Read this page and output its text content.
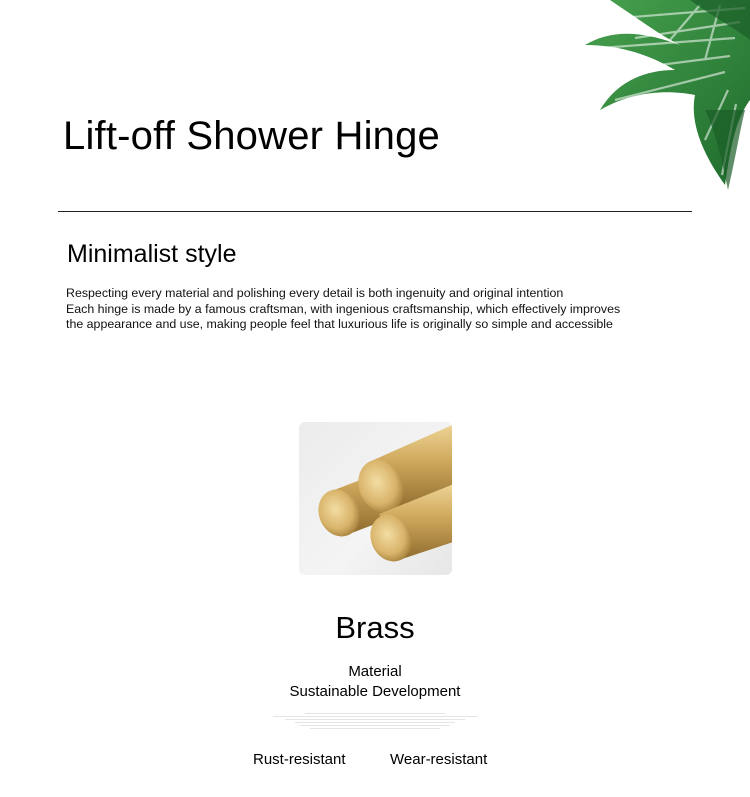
Lift-off Shower Hinge
Minimalist style
Respecting every material and polishing every detail is both ingenuity and original intention
Each hinge is made by a famous craftsman, with ingenious craftsmanship, which effectively improves
the appearance and use, making people feel that luxurious life is originally so simple and accessible
Brass
Material
Sustainable Development
Rust-resistant	Wear-resistant
